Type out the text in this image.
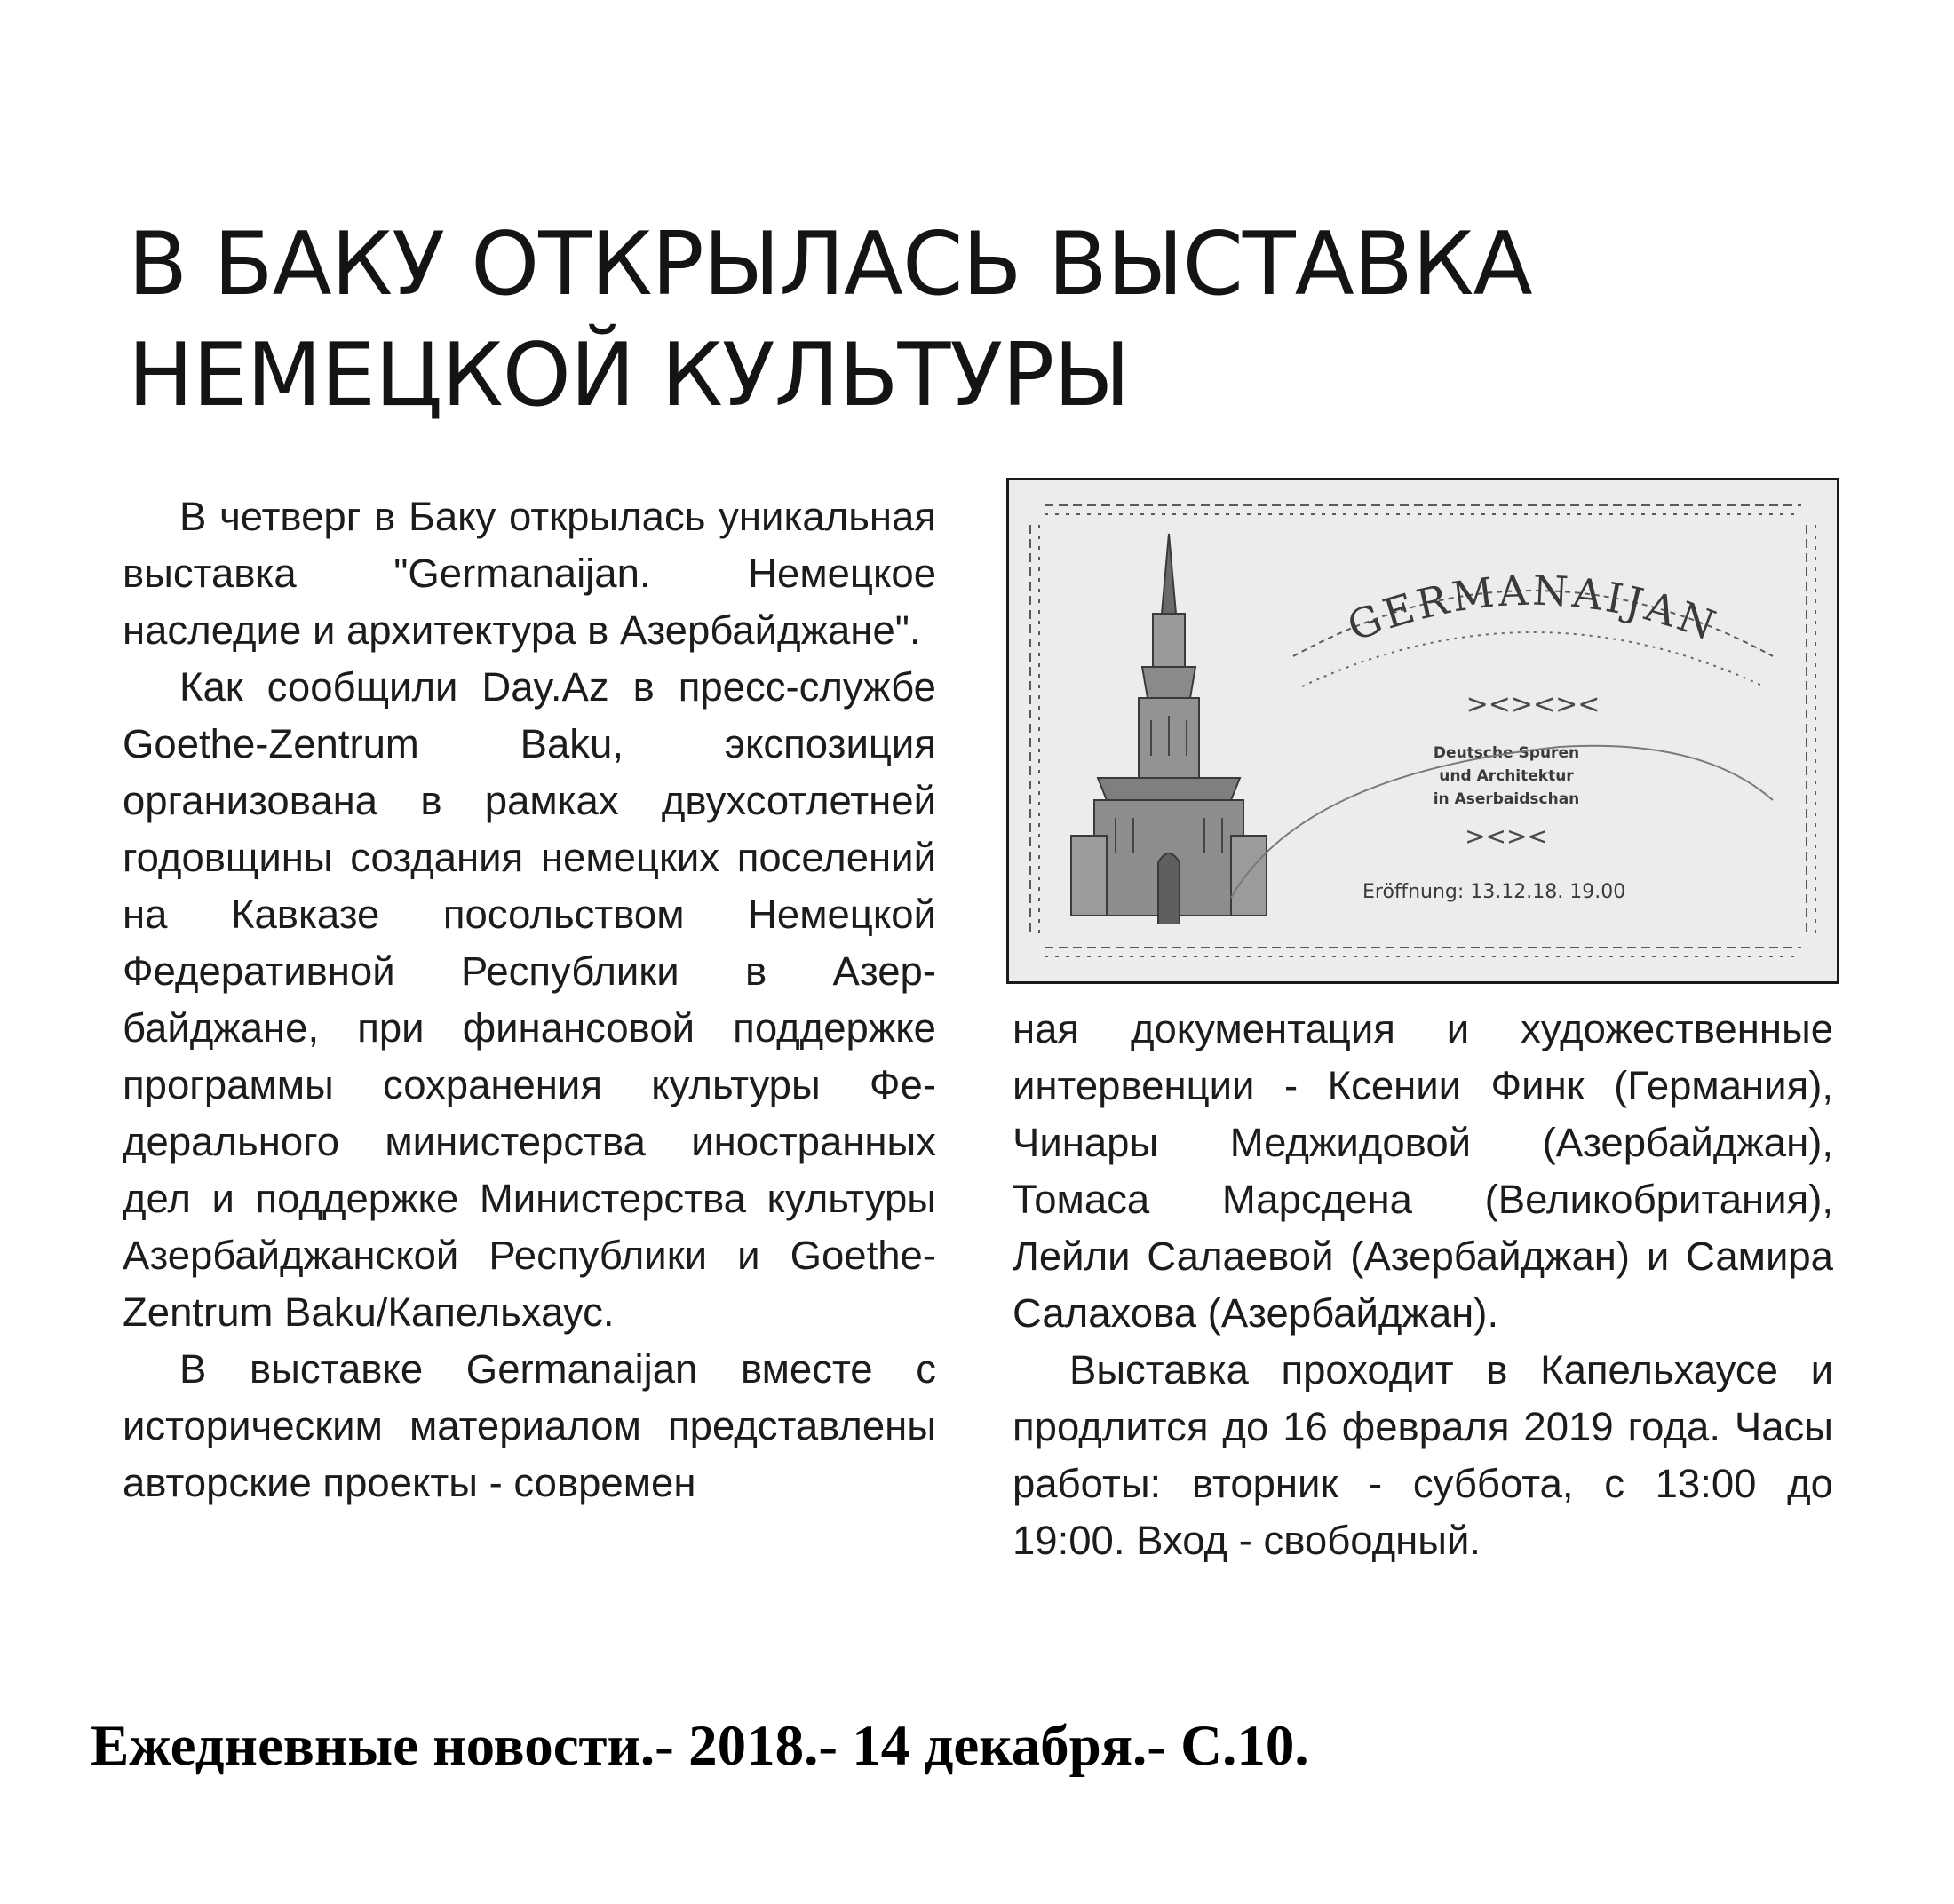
В БАКУ ОТКРЫЛАСЬ ВЫСТАВКА
НЕМЕЦКОЙ КУЛЬТУРЫ

В четверг в Баку открылась уникальная выставка "Germanaijan. Немецкое наследие и архитектура в Азербайджане".

Как сообщили Day.Az в пресс-службе Goethe-Zentrum Baku, экспозиция организована в рамках двухсотлетней годовщины создания немецких поселений на Кавказе посольством Немецкой Федеративной Республики в Азербайджане, при финансовой поддержке программы сохранения культуры Федерального министерства иностранных дел и поддержке Министерства культуры Азербайджанской Республики и Goethe-Zentrum Baku/Капельхаус.

В выставке Germanaijan вместе с историческим материалом представлены авторские проекты - современ

GERMANAIJAN
><><><
Deutsche Spuren
und Architektur
in Aserbaidschan
><><
Eröffnung: 13.12.18. 19.00

ная документация и художественные интервенции - Ксении Финк (Германия), Чинары Меджидовой (Азербайджан), Томаса Марсдена (Великобритания), Лейли Салаевой (Азербайджан) и Самира Салахова (Азербайджан).

Выставка проходит в Капельхаусе и продлится до 16 февраля 2019 года. Часы работы: вторник - суббота, с 13:00 до 19:00. Вход - свободный.

Ежедневные новости.- 2018.- 14 декабря.- С.10.
